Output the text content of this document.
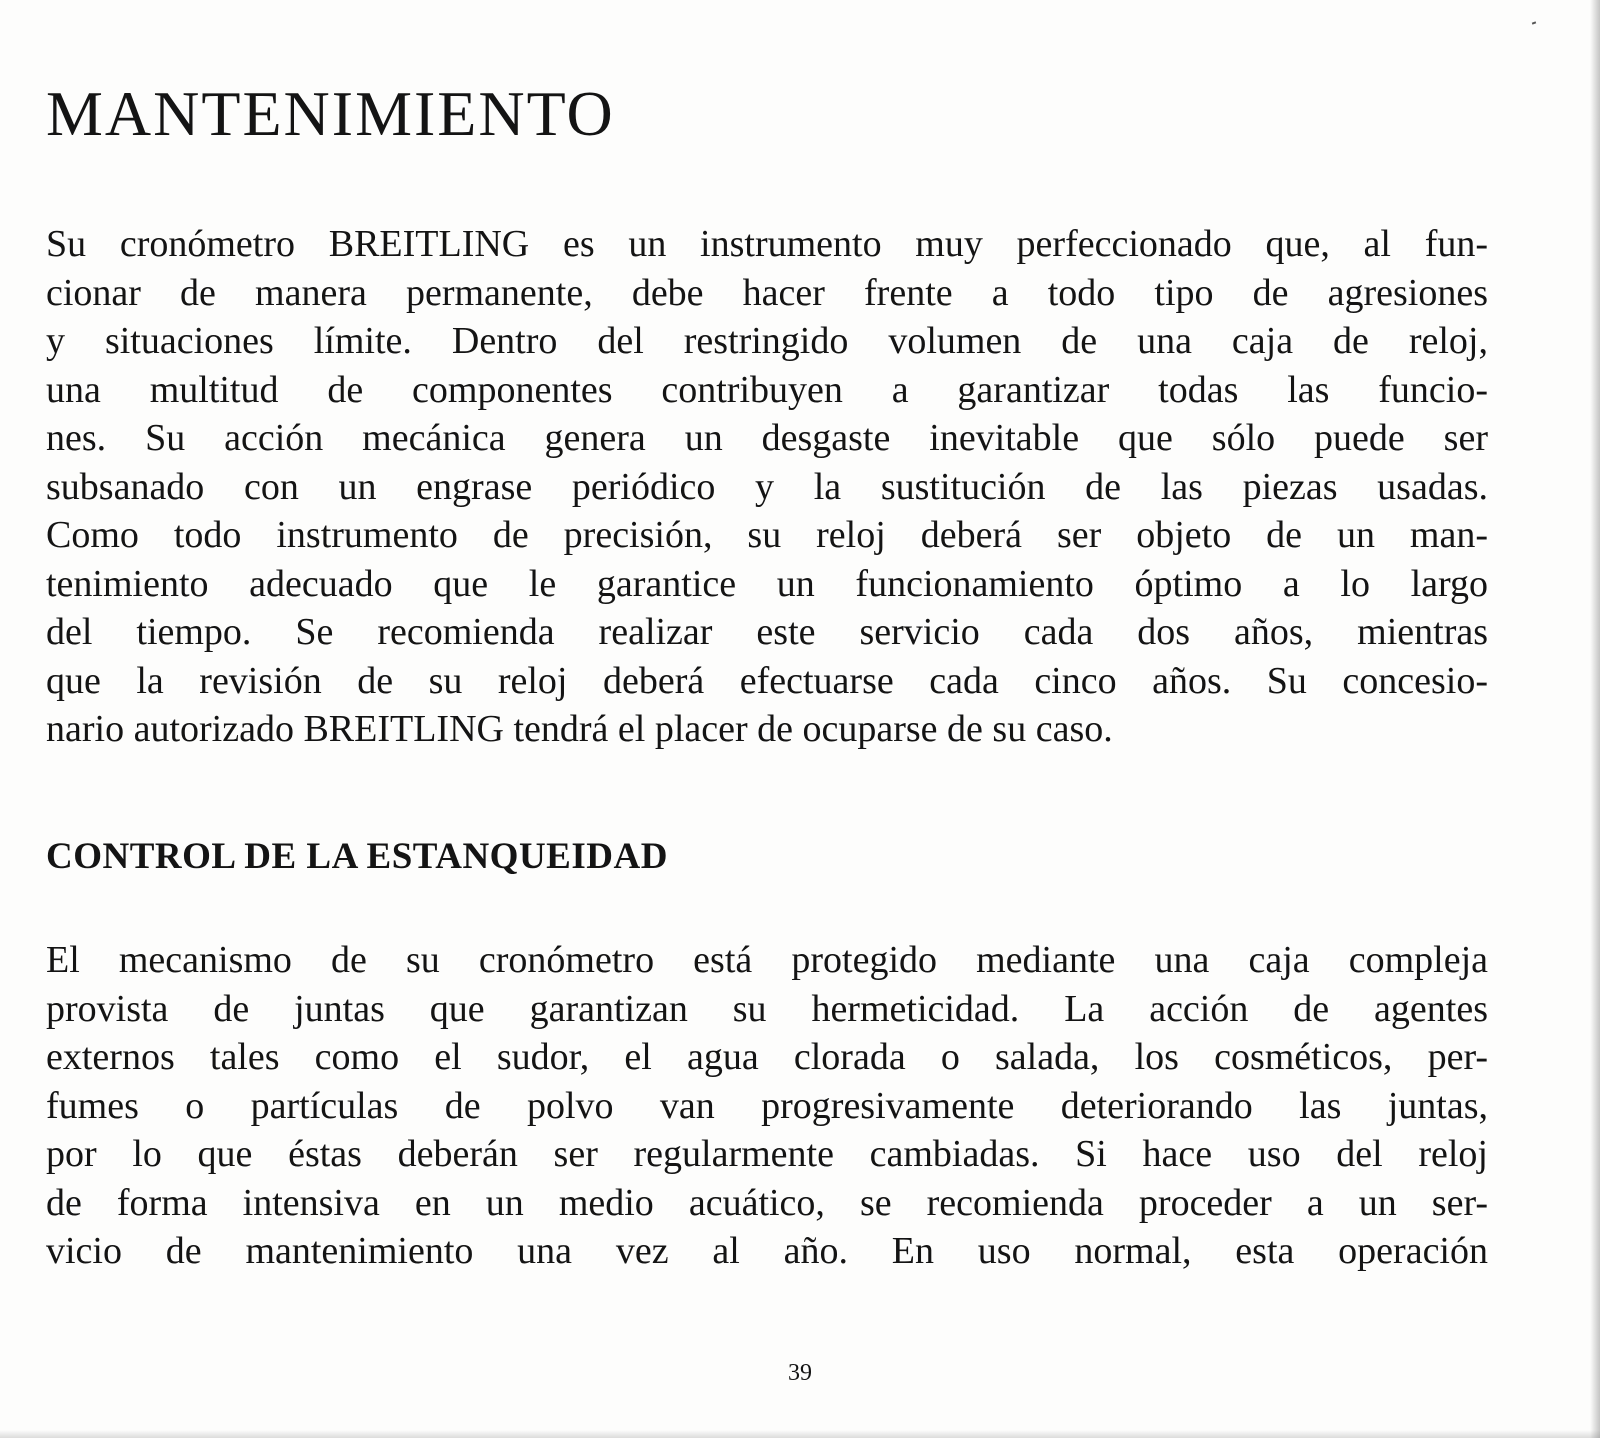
MANTENIMIENTO
Su cronómetro BREITLING es un instrumento muy perfeccionado que, al fun-
cionar de manera permanente, debe hacer frente a todo tipo de agresiones
y situaciones límite. Dentro del restringido volumen de una caja de reloj,
una multitud de componentes contribuyen a garantizar todas las funcio-
nes. Su acción mecánica genera un desgaste inevitable que sólo puede ser
subsanado con un engrase periódico y la sustitución de las piezas usadas.
Como todo instrumento de precisión, su reloj deberá ser objeto de un man-
tenimiento adecuado que le garantice un funcionamiento óptimo a lo largo
del tiempo. Se recomienda realizar este servicio cada dos años, mientras
que la revisión de su reloj deberá efectuarse cada cinco años. Su concesio-
nario autorizado BREITLING tendrá el placer de ocuparse de su caso.
CONTROL DE LA ESTANQUEIDAD
El mecanismo de su cronómetro está protegido mediante una caja compleja
provista de juntas que garantizan su hermeticidad. La acción de agentes
externos tales como el sudor, el agua clorada o salada, los cosméticos, per-
fumes o partículas de polvo van progresivamente deteriorando las juntas,
por lo que éstas deberán ser regularmente cambiadas. Si hace uso del reloj
de forma intensiva en un medio acuático, se recomienda proceder a un ser-
vicio de mantenimiento una vez al año. En uso normal, esta operación
39
